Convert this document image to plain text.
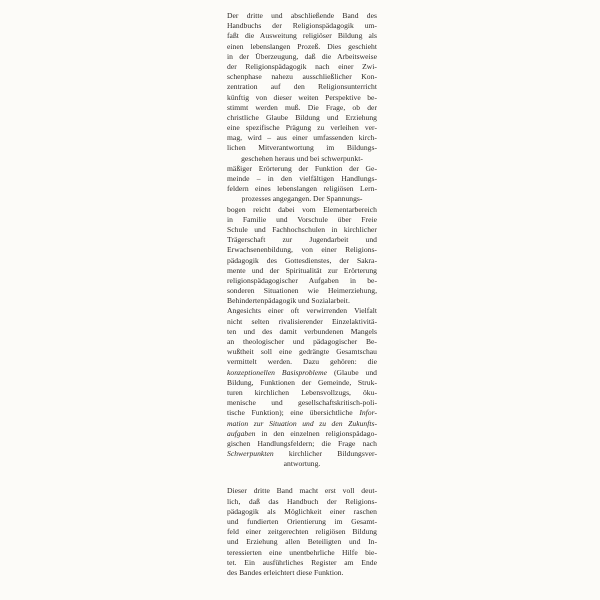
Der dritte und abschließende Band des
Handbuchs der Religionspädagogik um-
faßt die Ausweitung religiöser Bildung als
einen lebenslangen Prozeß. Dies geschieht
in der Überzeugung, daß die Arbeitsweise
der Religionspädagogik nach einer Zwi-
schenphase nahezu ausschließlicher Kon-
zentration auf den Religionsunterricht
künftig von dieser weiten Perspektive be-
stimmt werden muß. Die Frage, ob der
christliche Glaube Bildung und Erziehung
eine spezifische Prägung zu verleihen ver-
mag, wird – aus einer umfassenden kirch-
lichen Mitverantwortung im Bildungs-
geschehen heraus und bei schwerpunkt-
mäßiger Erörterung der Funktion der Ge-
meinde – in den vielfältigen Handlungs-
feldern eines lebenslangen religiösen Lern-
prozesses angegangen. Der Spannungs-
bogen reicht dabei vom Elementarbereich
in Familie und Vorschule über Freie
Schule und Fachhochschulen in kirchlicher
Trägerschaft zur Jugendarbeit und
Erwachsenenbildung, von einer Religions-
pädagogik des Gottesdienstes, der Sakra-
mente und der Spiritualität zur Erörterung
religionspädagogischer Aufgaben in be-
sonderen Situationen wie Heimerziehung,
Behindertenpädagogik und Sozialarbeit.
Angesichts einer oft verwirrenden Vielfalt
nicht selten rivalisierender Einzelaktivitä-
ten und des damit verbundenen Mangels
an theologischer und pädagogischer Be-
wußtheit soll eine gedrängte Gesamtschau
vermittelt werden. Dazu gehören: die
konzeptionellen Basisprobleme (Glaube und
Bildung, Funktionen der Gemeinde, Struk-
turen kirchlichen Lebensvollzugs, öku-
menische und gesellschaftskritisch-poli-
tische Funktion); eine übersichtliche Infor-
mation zur Situation und zu den Zukunfts-
aufgaben in den einzelnen religionspädago-
gischen Handlungsfeldern; die Frage nach
Schwerpunkten kirchlicher Bildungsver-
antwortung.
Dieser dritte Band macht erst voll deut-
lich, daß das Handbuch der Religions-
pädagogik als Möglichkeit einer raschen
und fundierten Orientierung im Gesamt-
feld einer zeitgerechten religiösen Bildung
und Erziehung allen Beteiligten und In-
teressierten eine unentbehrliche Hilfe bie-
tet. Ein ausführliches Register am Ende
des Bandes erleichtert diese Funktion.
